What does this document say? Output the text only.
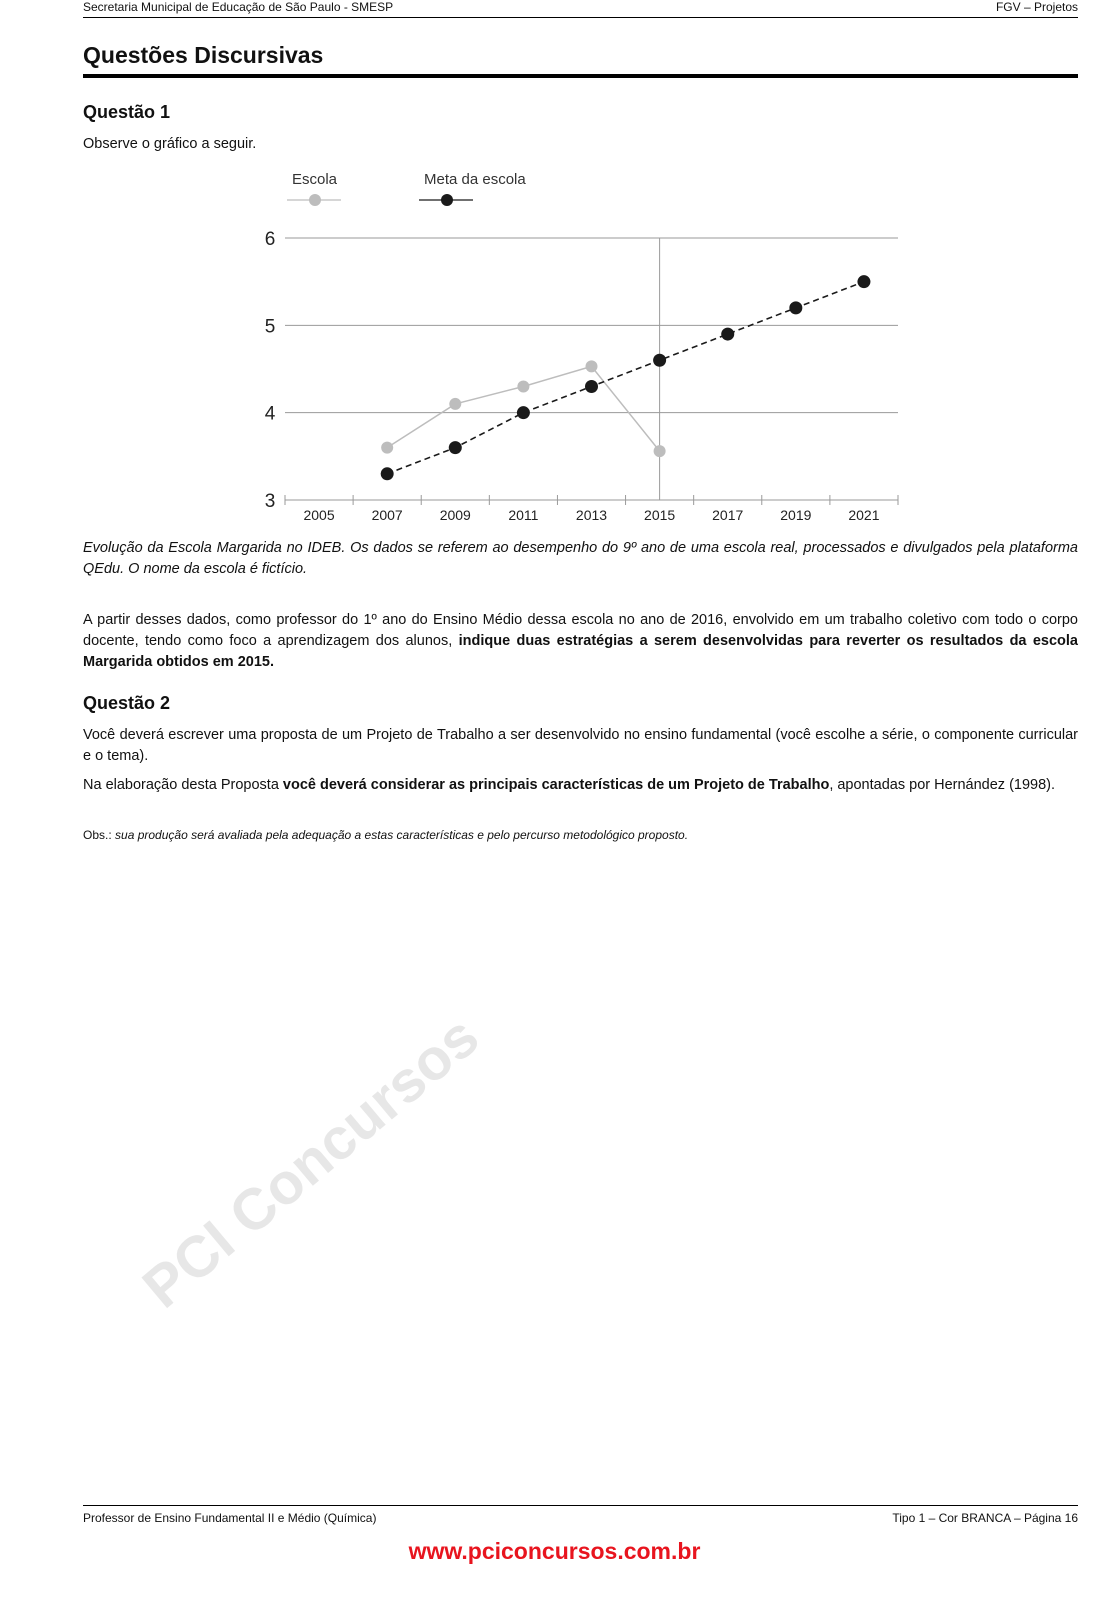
Secretaria Municipal de Educação de São Paulo - SMESP	FGV – Projetos
Questões Discursivas
Questão 1
Observe o gráfico a seguir.
3
4
5
6
2005	2007	2009	2011	2013	2015	2017	2019	2021
Escola	Meta da escola
Evolução da Escola Margarida no IDEB. Os dados se referem ao desempenho do 9º ano de uma escola real, processados e divulgados pela plataforma QEdu. O nome da escola é fictício.
A partir desses dados, como professor do 1º ano do Ensino Médio dessa escola no ano de 2016, envolvido em um trabalho coletivo com todo o corpo docente, tendo como foco a aprendizagem dos alunos, indique duas estratégias a serem desenvolvidas para reverter os resultados da escola Margarida obtidos em 2015.
Questão 2
Você deverá escrever uma proposta de um Projeto de Trabalho a ser desenvolvido no ensino fundamental (você escolhe a série, o componente curricular e o tema).
Na elaboração desta Proposta você deverá considerar as principais características de um Projeto de Trabalho, apontadas por Hernández (1998).
Obs.: sua produção será avaliada pela adequação a estas características e pelo percurso metodológico proposto.
PCI Concursos
Professor de Ensino Fundamental II e Médio (Química)	Tipo 1 – Cor BRANCA – Página 16
www.pciconcursos.com.br
